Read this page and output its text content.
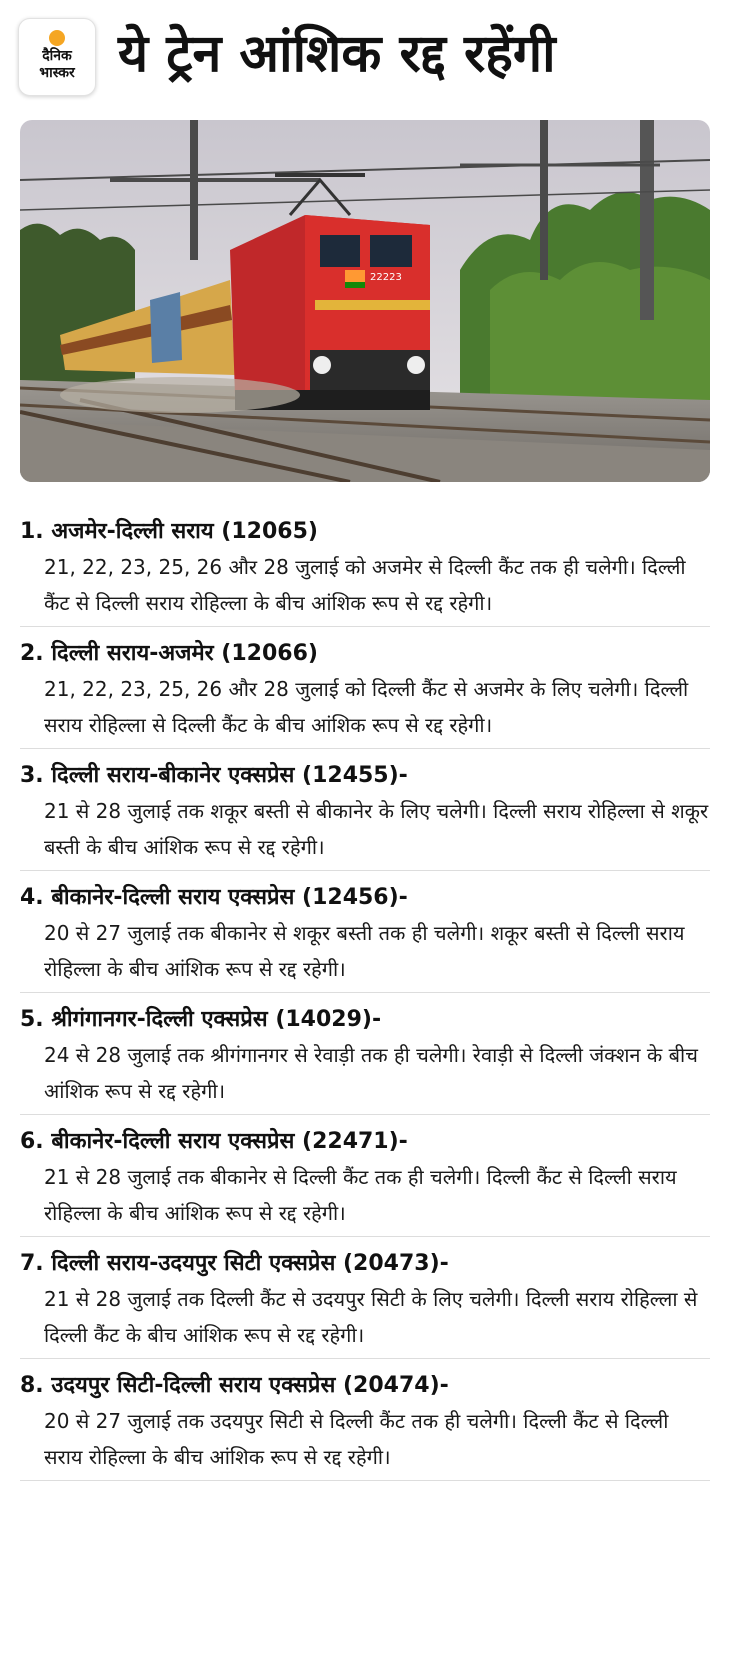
दैनिक
भास्कर ये ट्रेन आंशिक रद्द रहेंगी
22223
1. अजमेर-दिल्ली सराय (12065)
21, 22, 23, 25, 26 और 28 जुलाई को अजमेर से दिल्ली कैंट तक ही चलेगी। दिल्ली कैंट से दिल्ली सराय रोहिल्ला के बीच आंशिक रूप से रद्द रहेगी।
2. दिल्ली सराय-अजमेर (12066)
21, 22, 23, 25, 26 और 28 जुलाई को दिल्ली कैंट से अजमेर के लिए चलेगी। दिल्ली सराय रोहिल्ला से दिल्ली कैंट के बीच आंशिक रूप से रद्द रहेगी।
3. दिल्ली सराय-बीकानेर एक्सप्रेस (12455)-
21 से 28 जुलाई तक शकूर बस्ती से बीकानेर के लिए चलेगी। दिल्ली सराय रोहिल्ला से शकूर बस्ती के बीच आंशिक रूप से रद्द रहेगी।
4. बीकानेर-दिल्ली सराय एक्सप्रेस (12456)-
20 से 27 जुलाई तक बीकानेर से शकूर बस्ती तक ही चलेगी। शकूर बस्ती से दिल्ली सराय रोहिल्ला के बीच आंशिक रूप से रद्द रहेगी।
5. श्रीगंगानगर-दिल्ली एक्सप्रेस (14029)-
24 से 28 जुलाई तक श्रीगंगानगर से रेवाड़ी तक ही चलेगी। रेवाड़ी से दिल्ली जंक्शन के बीच आंशिक रूप से रद्द रहेगी।
6. बीकानेर-दिल्ली सराय एक्सप्रेस (22471)-
21 से 28 जुलाई तक बीकानेर से दिल्ली कैंट तक ही चलेगी। दिल्ली कैंट से दिल्ली सराय रोहिल्ला के बीच आंशिक रूप से रद्द रहेगी।
7. दिल्ली सराय-उदयपुर सिटी एक्सप्रेस (20473)-
21 से 28 जुलाई तक दिल्ली कैंट से उदयपुर सिटी के लिए चलेगी। दिल्ली सराय रोहिल्ला से दिल्ली कैंट के बीच आंशिक रूप से रद्द रहेगी।
8. उदयपुर सिटी-दिल्ली सराय एक्सप्रेस (20474)-
20 से 27 जुलाई तक उदयपुर सिटी से दिल्ली कैंट तक ही चलेगी। दिल्ली कैंट से दिल्ली सराय रोहिल्ला के बीच आंशिक रूप से रद्द रहेगी।
